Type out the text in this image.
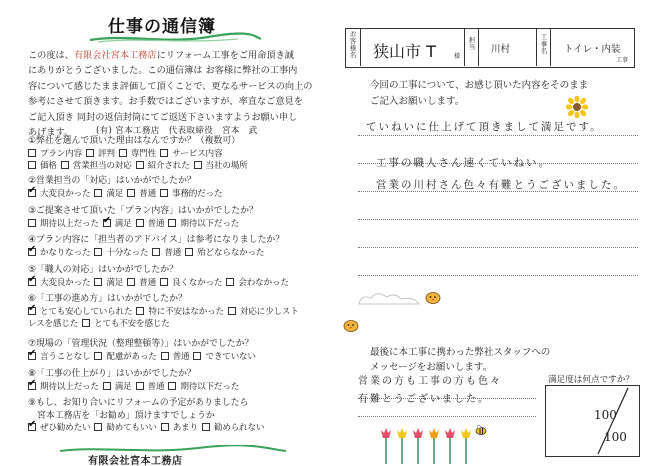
仕事の通信簿
この度は、有限会社宮本工務店にリフォーム工事をご用命頂き誠
にありがとうございました。この通信簿は お客様に弊社の工事内
容について感じたまま評価して頂くことで、更なるサービスの向上の
参考にさせて頂きます。お手数ではございますが、率直なご意見を
ご記入頂き 同封の返信封筒にてご返送下さいますようお願い申し
あげます。	(有) 宮本工務店　代表取締役　宮本　武
①弊社を選んで頂いた理由はなんですか？（複数可）
プラン内容 評判 専門性 サービス内容
価格 営業担当の対応 紹介された 当社の場所
②営業担当の「対応」はいかがでしたか？
✔大変良かった 満足 普通 事務的だった
③ご提案させて頂いた「プラン内容」はいかがでしたか？
期待以上だった✔ 満足 普通 期待以下だった
④プラン内容に「担当者のアドバイス」は参考になりましたか？
✔かなりなった 十分なった 普通 殆どならなかった
⑤「職人の対応」はいかがでしたか？
✔大変良かった 満足 普通 良くなかった 会わなかった
⑥「工事の進め方」はいかがでしたか？
✔とても安心していられた 特に不安はなかった 対応に少しスト
レスを感じた とても不安を感じた
⑦現場の「管理状況（整理整頓等）」はいかがでしたか？
✔言うことなし 配慮があった 普通 できていない
⑧「工事の仕上がり」はいかがでしたか？
✔期待以上だった 満足 普通 期待以下だった
⑨もし、お知り合いにリフォームの予定がありましたら
宮本工務店を「お勧め」頂けますでしょうか
✔ぜひ勧めたい 勧めてもいい あまり 勧められない
有限会社宮本工務店
お客様名 狭山市 T	様
担当 川村
工事名 トイレ・内装
工事
今回の工事について、お感じ頂いた内容をそのまま
ご記入お願いします。
ていねいに仕上げて頂きまして満足です。
工事の職人さん速くていねい。
営業の川村さん色々有難とうございました。
最後に本工事に携わった弊社スタッフへの
メッセージをお願いします。
営業の方も工事の方も色々
有難とうございました。
満足度は何点ですか？
100
100
